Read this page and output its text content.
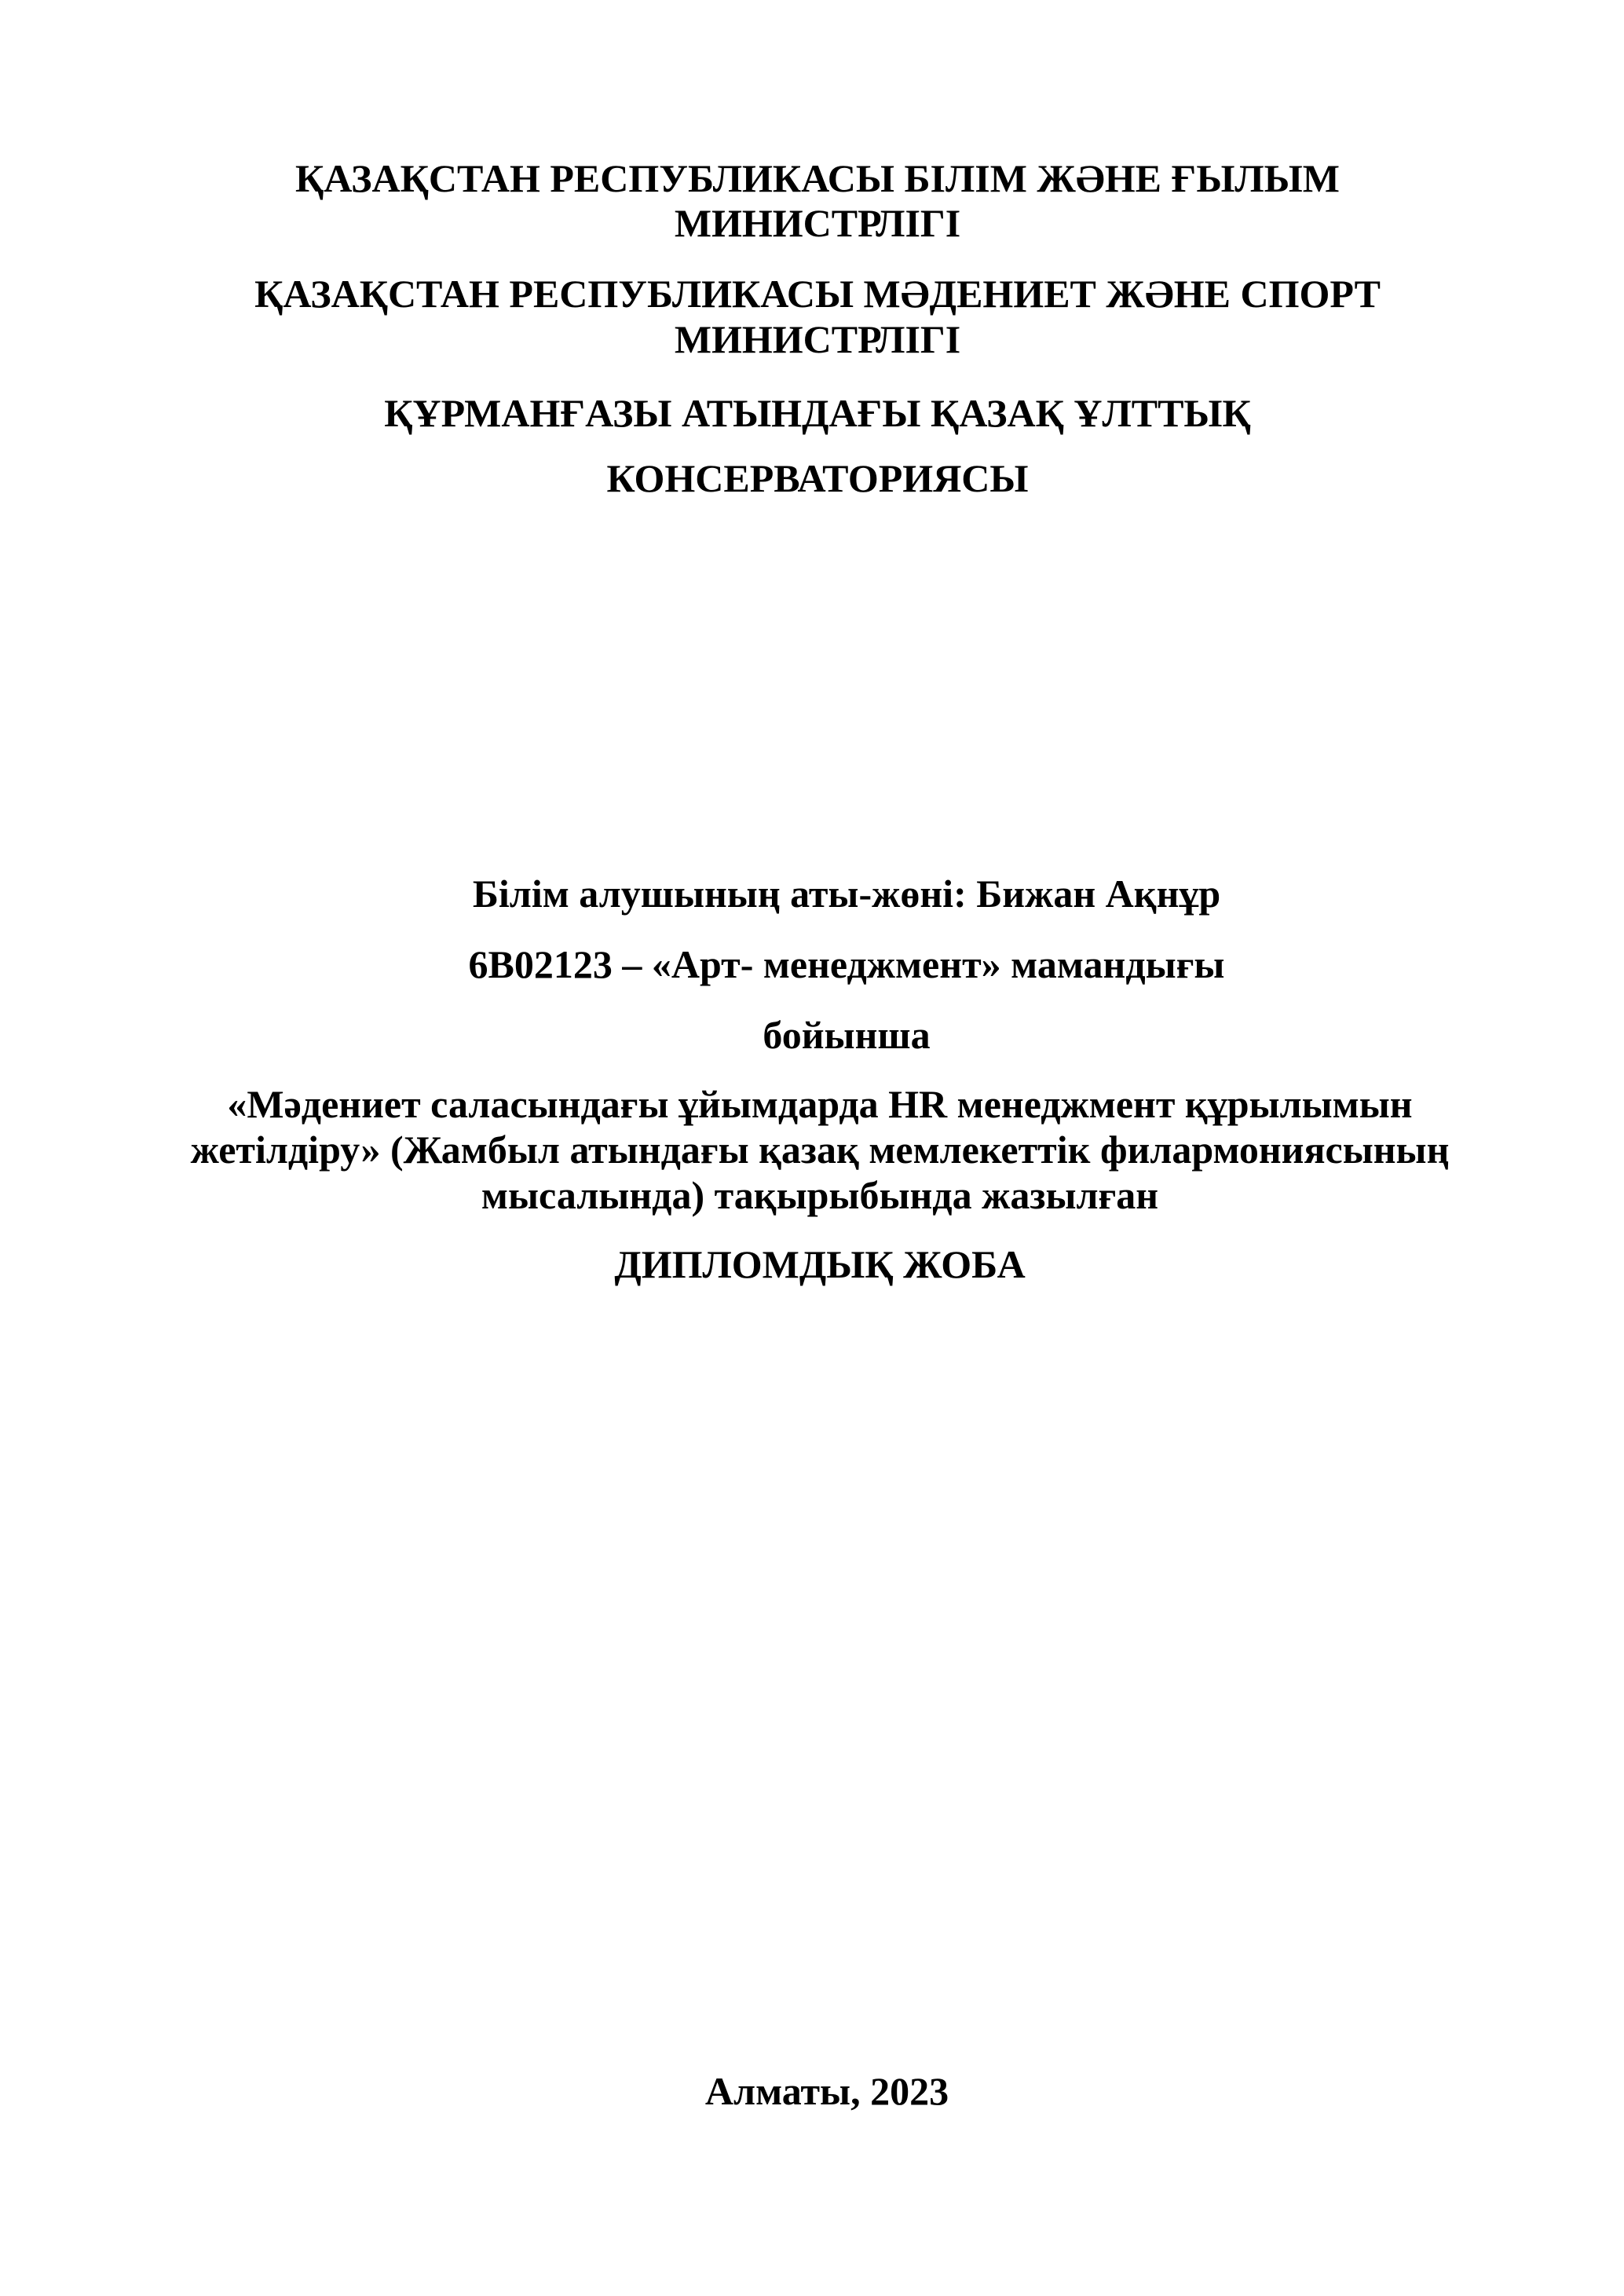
ҚАЗАҚСТАН РЕСПУБЛИКАСЫ БІЛІМ ЖӘНЕ ҒЫЛЫМ
МИНИСТРЛІГІ
ҚАЗАҚСТАН РЕСПУБЛИКАСЫ МӘДЕНИЕТ ЖӘНЕ СПОРТ
МИНИСТРЛІГІ
ҚҰРМАНҒАЗЫ АТЫНДАҒЫ ҚАЗАҚ ҰЛТТЫҚ
КОНСЕРВАТОРИЯСЫ
Білім алушының аты-жөні: Бижан Ақнұр
6В02123 – «Арт- менеджмент» мамандығы
бойынша
«Мәдениет саласындағы ұйымдарда HR менеджмент құрылымын
жетілдіру» (Жамбыл атындағы қазақ мемлекеттік филармониясының
мысалында) тақырыбында жазылған
ДИПЛОМДЫҚ ЖОБА
Алматы, 2023
